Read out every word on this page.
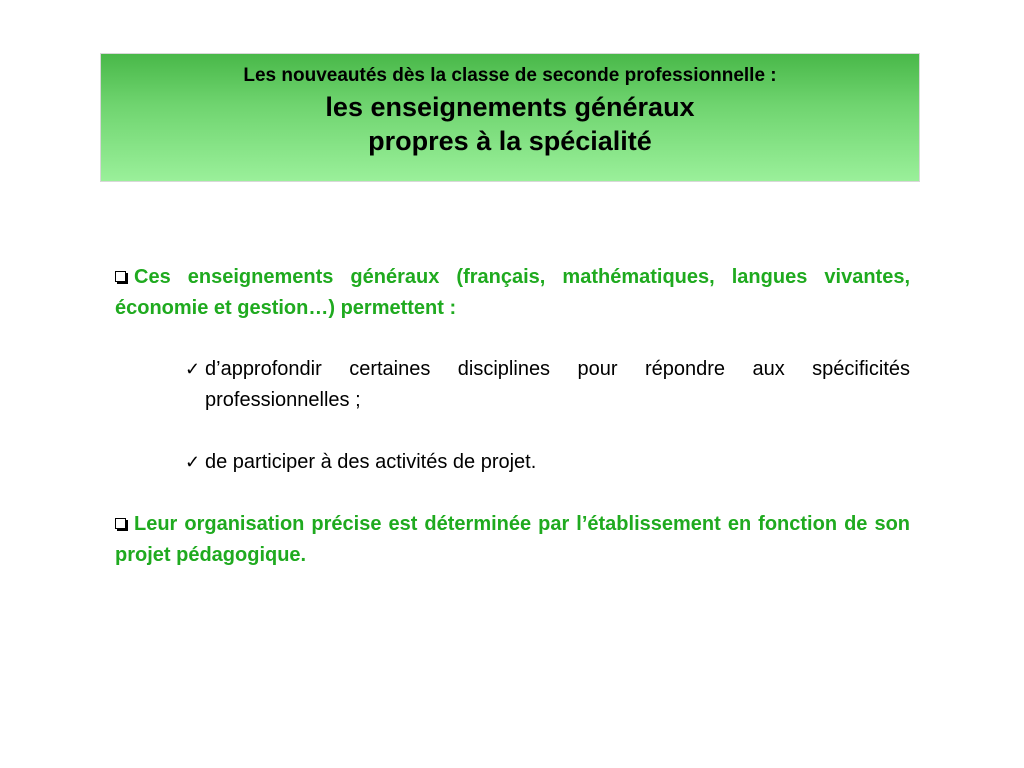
Les nouveautés dès la classe de seconde professionnelle :
les enseignements généraux
propres à la spécialité
Ces enseignements généraux (français, mathématiques, langues vivantes, économie et gestion…) permettent :
✓ d’approfondir certaines disciplines pour répondre aux spécificités professionnelles ;
✓ de participer à des activités de projet.
Leur organisation précise est déterminée par l’établissement en fonction de son projet pédagogique.
